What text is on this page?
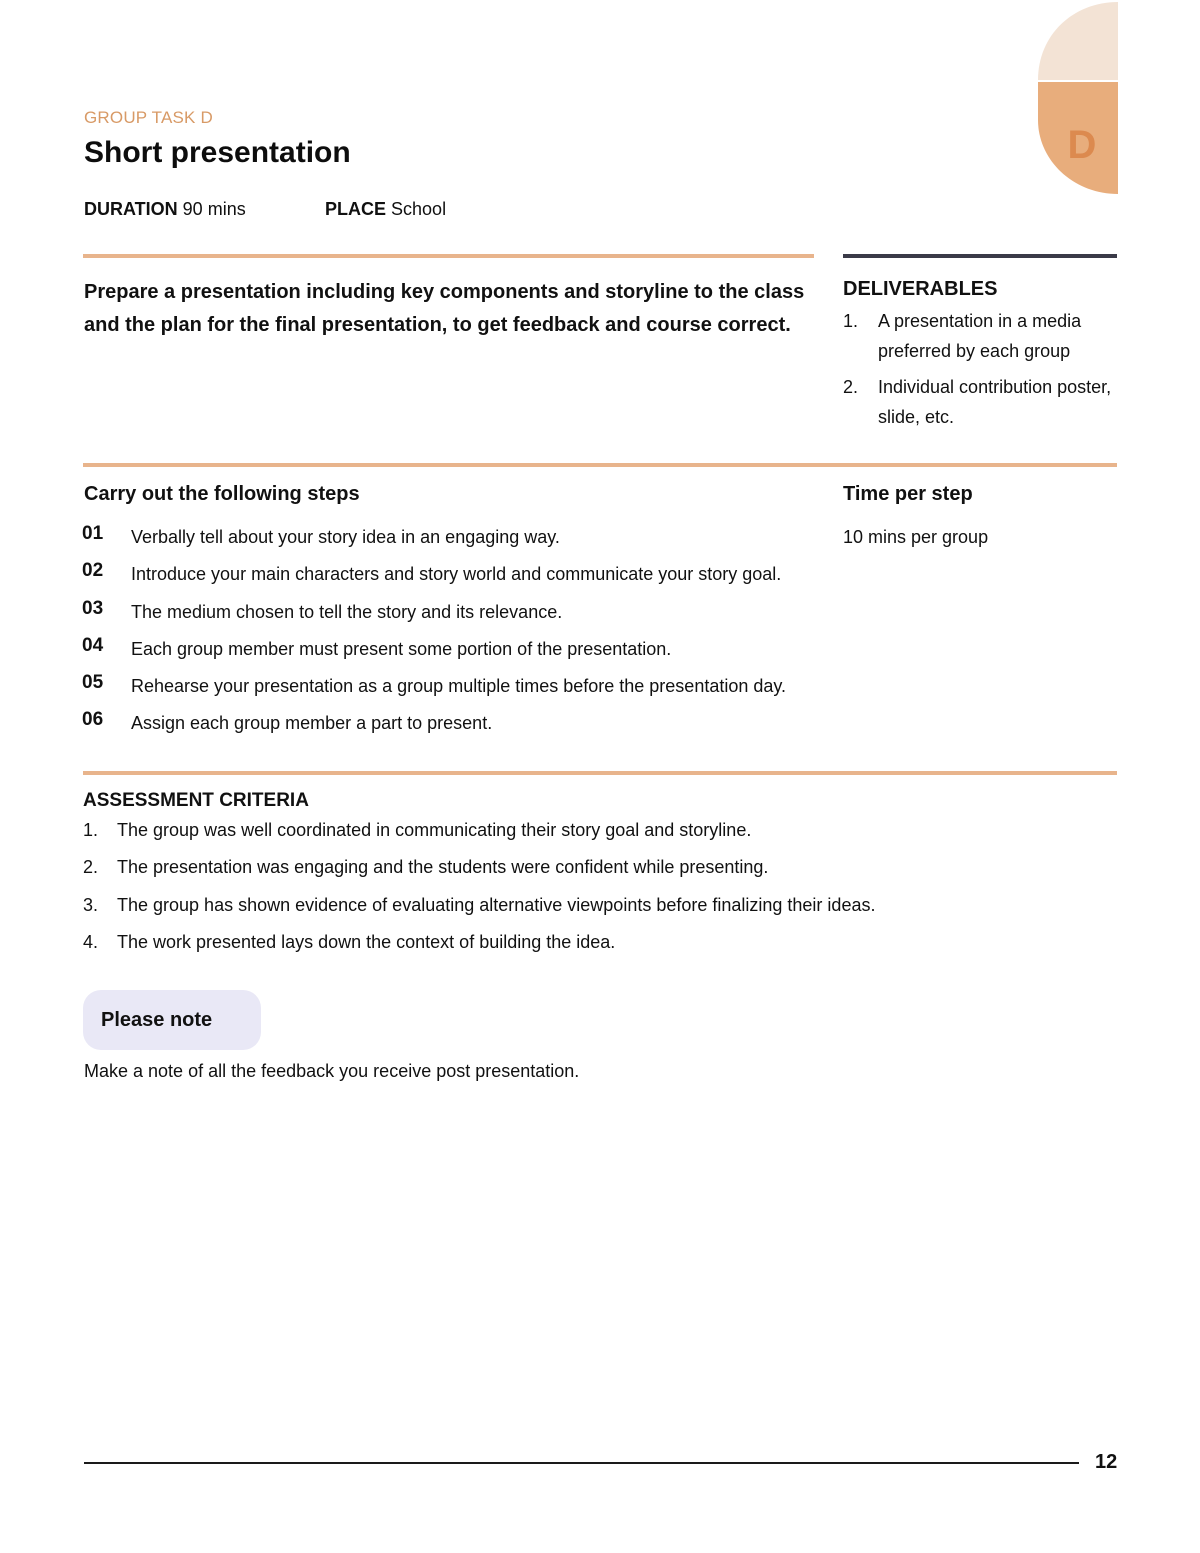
D
GROUP TASK D
Short presentation
DURATION 90 mins	PLACE School
Prepare a presentation including key components and storyline to the class and the plan for the final presentation, to get feedback and course correct.
DELIVERABLES
1. A presentation in a media preferred by each group
2. Individual contribution poster, slide, etc.
Carry out the following steps
01	Verbally tell about your story idea in an engaging way.
02	Introduce your main characters and story world and communicate your story goal.
03	The medium chosen to tell the story and its relevance.
04	Each group member must present some portion of the presentation.
05	Rehearse your presentation as a group multiple times before the presentation day.
06	Assign each group member a part to present.
Time per step
10 mins per group
ASSESSMENT CRITERIA
1. The group was well coordinated in communicating their story goal and storyline.
2. The presentation was engaging and the students were confident while presenting.
3. The group has shown evidence of evaluating alternative viewpoints before finalizing their ideas.
4. The work presented lays down the context of building the idea.
Please note
Make a note of all the feedback you receive post presentation.
12
